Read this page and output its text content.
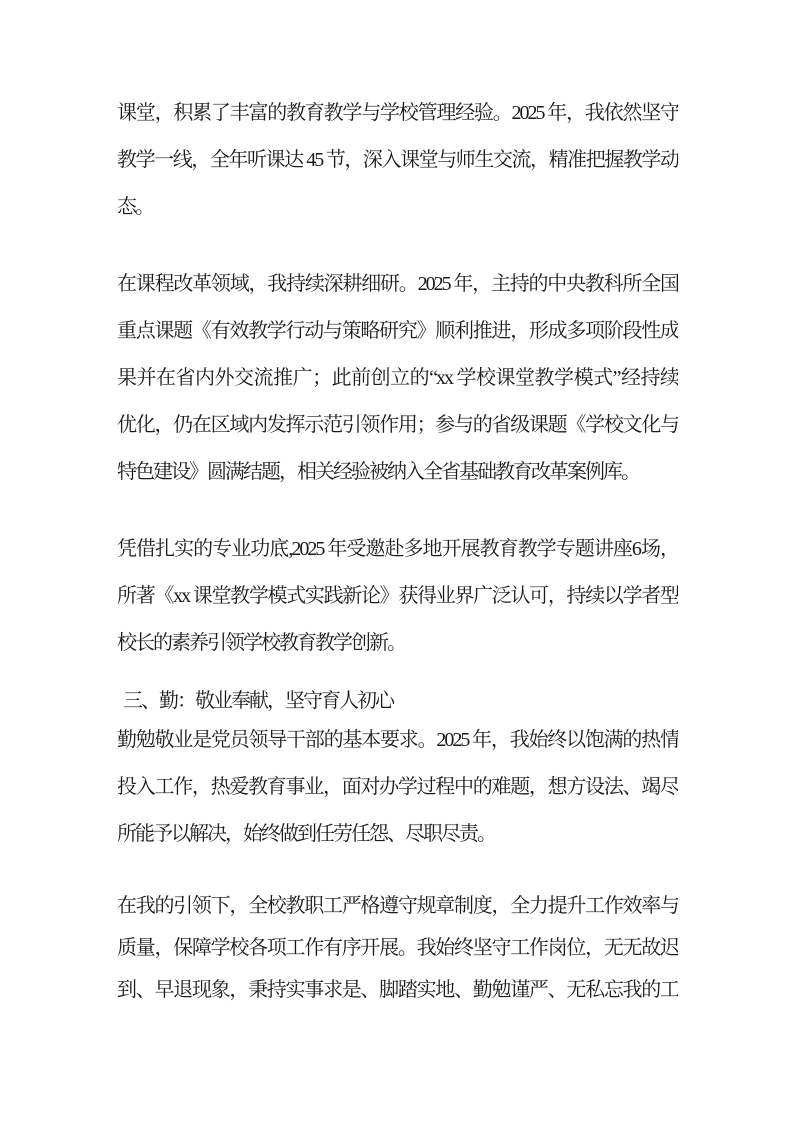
课堂，积累了丰富的教育教学与学校管理经验。2025 年，我依然坚守
教学一线，全年听课达 45 节，深入课堂与师生交流，精准把握教学动
态。
在课程改革领域，我持续深耕细研。2025 年，主持的中央教科所全国
重点课题《有效教学行动与策略研究》顺利推进，形成多项阶段性成
果并在省内外交流推广；此前创立的“xx 学校课堂教学模式”经持续
优化，仍在区域内发挥示范引领作用；参与的省级课题《学校文化与
特色建设》圆满结题，相关经验被纳入全省基础教育改革案例库。
凭借扎实的专业功底,2025 年受邀赴多地开展教育教学专题讲座6场，
所著《xx 课堂教学模式实践新论》获得业界广泛认可，持续以学者型
校长的素养引领学校教育教学创新。
三、勤：敬业奉献，坚守育人初心
勤勉敬业是党员领导干部的基本要求。2025 年，我始终以饱满的热情
投入工作，热爱教育事业，面对办学过程中的难题，想方设法、竭尽
所能予以解决，始终做到任劳任怨、尽职尽责。
在我的引领下，全校教职工严格遵守规章制度，全力提升工作效率与
质量，保障学校各项工作有序开展。我始终坚守工作岗位，无无故迟
到、早退现象，秉持实事求是、脚踏实地、勤勉谨严、无私忘我的工
